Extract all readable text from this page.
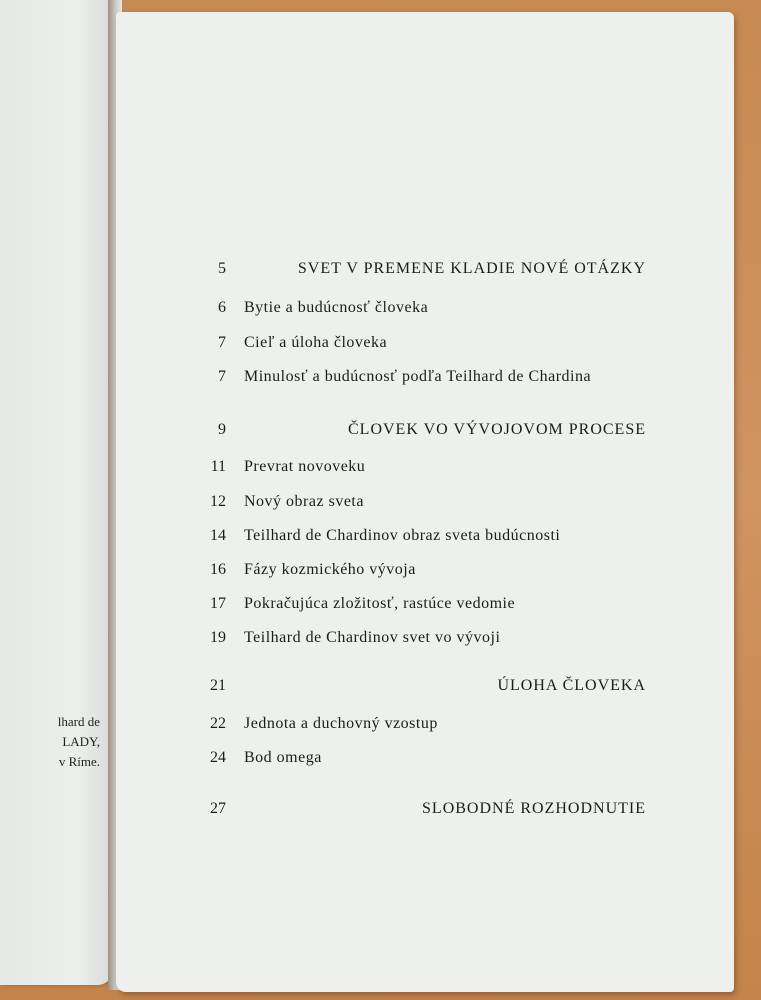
lhard de
LADY,
v Ríme.
5	SVET V PREMENE KLADIE NOVÉ OTÁZKY
6 Bytie a budúcnosť človeka
7 Cieľ a úloha človeka
7 Minulosť a budúcnosť podľa Teilhard de Chardina
9	ČLOVEK VO VÝVOJOVOM PROCESE
11 Prevrat novoveku
12 Nový obraz sveta
14 Teilhard de Chardinov obraz sveta budúcnosti
16 Fázy kozmického vývoja
17 Pokračujúca zložitosť, rastúce vedomie
19 Teilhard de Chardinov svet vo vývoji
21	ÚLOHA ČLOVEKA
22 Jednota a duchovný vzostup
24 Bod omega
27	SLOBODNÉ ROZHODNUTIE
